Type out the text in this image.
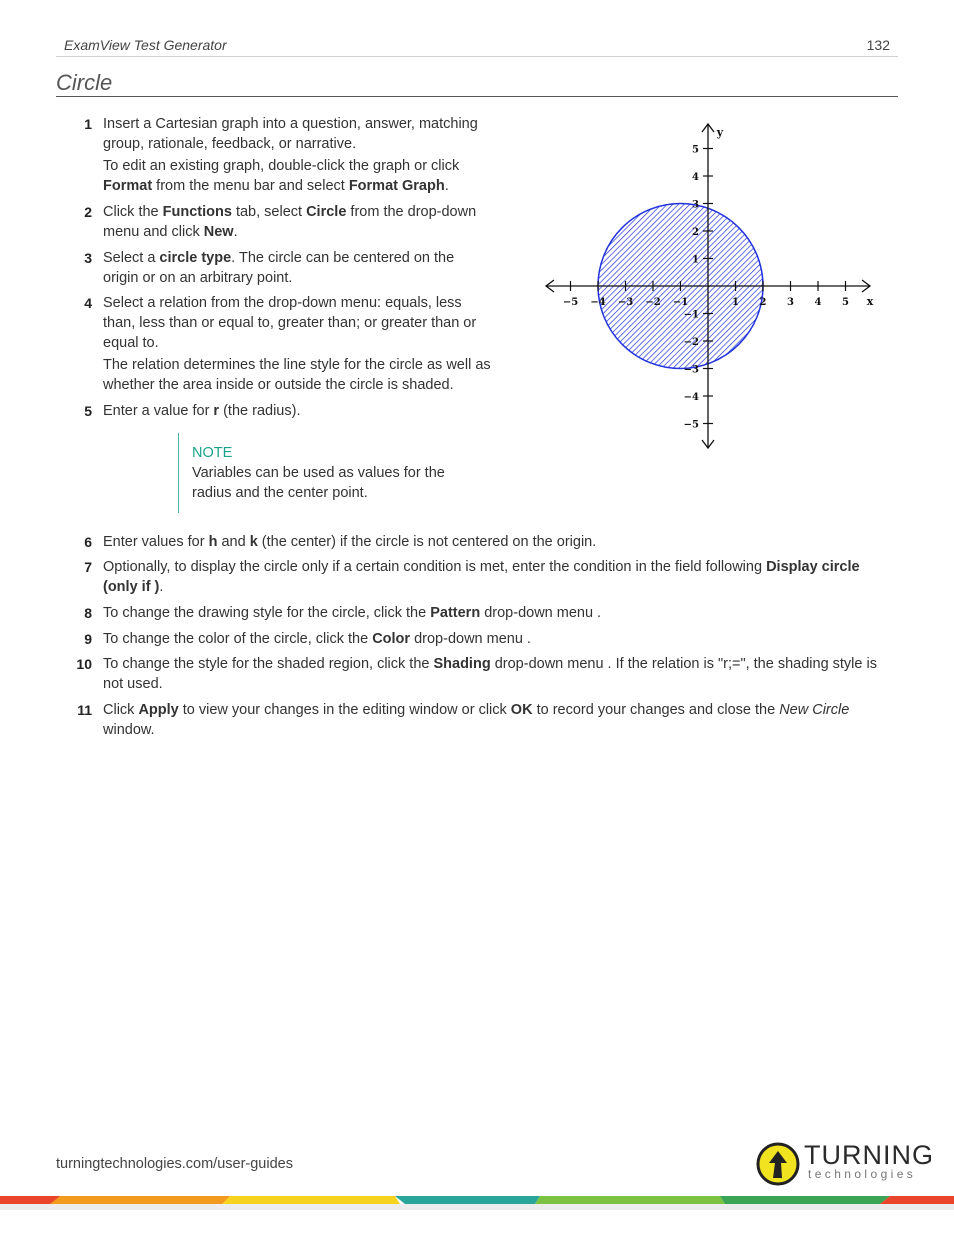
ExamView Test Generator	132
Circle
1 Insert a Cartesian graph into a question, answer, matching group, rationale, feedback, or narrative.

To edit an existing graph, double-click the graph or click Format from the menu bar and select Format Graph.

2 Click the Functions tab, select Circle from the drop-down menu and click New.

3 Select a circle type. The circle can be centered on the origin or on an arbitrary point.

4 Select a relation from the drop-down menu: equals, less than, less than or equal to, greater than; or greater than or equal to.

The relation determines the line style for the circle as well as whether the area inside or outside the circle is shaded.

5 Enter a value for r (the radius).

NOTE
Variables can be used as values for the radius and the center point.
6 Enter values for h and k (the center) if the circle is not centered on the origin.

7 Optionally, to display the circle only if a certain condition is met, enter the condition in the field following Display circle (only if ).

8 To change the drawing style for the circle, click the Pattern drop-down menu .

9 To change the color of the circle, click the Color drop-down menu .

10 To change the style for the shaded region, click the Shading drop-down menu . If the relation is "r;=", the shading style is not used.

11 Click Apply to view your changes in the editing window or click OK to record your changes and close the New Circle window.

−5 −4 −3 −2 −1	1 2 3 4 5
5
4
3
2
1
−1
−2
−3
−4
−5
x
y
turningtechnologies.com/user-guides	TURNING
technologies
